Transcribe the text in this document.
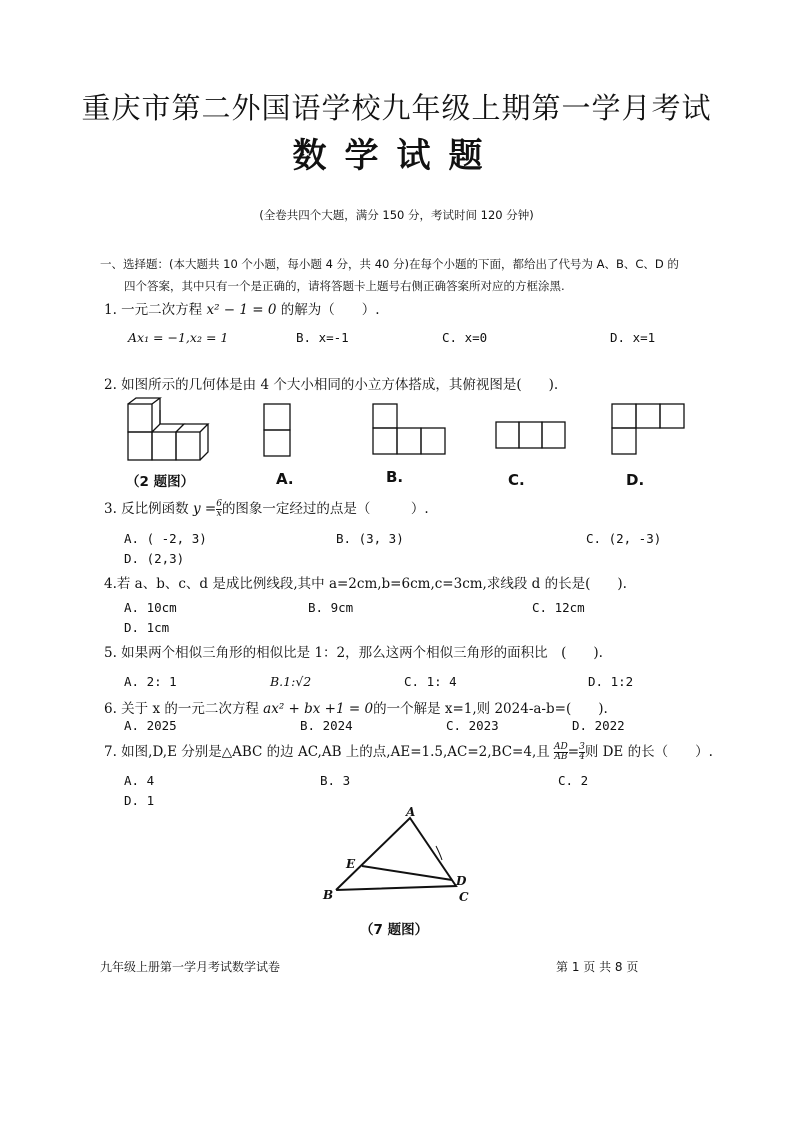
重庆市第二外国语学校九年级上期第一学月考试
数学试题
(全卷共四个大题，满分 150 分，考试时间 120 分钟)
一、选择题：(本大题共 10 个小题，每小题 4 分，共 40 分)在每个小题的下面，都给出了代号为 A、B、C、D 的
四个答案，其中只有一个是正确的，请将答题卡上题号右侧正确答案所对应的方框涂黑.
1. 一元二次方程 x² − 1 = 0 的解为（　　）.
Ax₁ = −1,x₂ = 1	B. x=-1	C. x=0	D. x=1
2. 如图所示的几何体是由 4 个大小相同的小立方体搭成，其俯视图是(　　).
（2 题图）	A.	B.	C.	D.
3. 反比例函数 $y = \frac{6}{x}$ 的图象一定经过的点是（　　　）.
A. ( -2, 3)	B. (3, 3)	C. (2, -3)
D. (2,3)
4.若 a、b、c、d 是成比例线段,其中 a=2cm,b=6cm,c=3cm,求线段 d 的长是(　　).
A. 10cm	B. 9cm	C. 12cm
D. 1cm
5. 如果两个相似三角形的相似比是 1：2，那么这两个相似三角形的面积比　(　　).
A. 2: 1	B.1:√2	C. 1: 4	D. 1:2
6. 关于 x 的一元二次方程 ax² + bx +1 = 0的一个解是 x=1,则 2024-a-b=(　　).
A. 2025	B. 2024	C. 2023	D. 2022
7. 如图,D,E 分别是△ABC 的边 AC,AB 上的点,AE=1.5,AC=2,BC=4,且 $\frac{AD}{AB} = \frac{3}{4}$ 则 DE 的长（　　）.
A. 4	B. 3	C. 2
D. 1
A
E
D
B	C
（7 题图）
九年级上册第一学月考试数学试卷	第 1 页 共 8 页
